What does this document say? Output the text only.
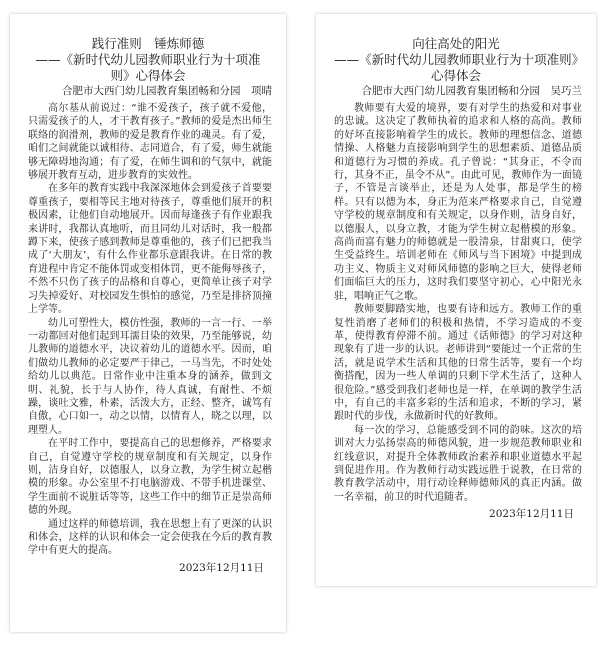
践行准则　锤炼师德
——《新时代幼儿园教师职业行为十项准则》心得体会
合肥市大西门幼儿园教育集团畅和分园　项晴

高尔基从前说过：“谁不爱孩子，孩子就不爱他，只需爱孩子的人，才干教育孩子。”教师的爱是杰出师生联络的润滑剂，教师的爱是教育作业的魂灵。有了爱，咱们之间就能以诚相待、志同道合，有了爱，师生就能够无障碍地沟通；有了爱，在师生调和的气氛中，就能够展开教育互动，进步教育的实效性。

在多年的教育实践中我深深地体会到爱孩子首要要尊重孩子，要相等民主地对待孩子，尊重他们展开的积极因素，让他们自动地展开。因而每逢孩子有作业跟我来讲时，我都认真地听，而且同幼儿对话时，我一般都蹲下来，使孩子感到教师是尊重他的，孩子们已把我当成了‘大朋友’，有什么作业都乐意跟我讲。在日常的教育进程中肯定不能体罚或变相体罚，更不能侮辱孩子，不然不只伤了孩子的品格和自尊心，更简单让孩子对学习失掉爱好、对校园发生惧怕的感觉，乃至是排挤顶撞上学等。

幼儿可塑性大，模仿性强，教师的一言一行、一举一动都回对他们起到耳濡目染的效果，乃至能够说，幼儿教师的道德水平，决议着幼儿的道德水平。因而，咱们做幼儿教师的必定要严于律己，一马当先，不时处处给幼儿以典范。日常作业中注重本身的涵养，做到文明、礼貌，长于与人协作，待人真诚，有耐性、不烦躁，谈吐文雅，朴素，活泼大方，正经、整齐，诚笃有自傲，心口如一，动之以情，以情育人，晓之以理，以理塑人。

在平时工作中，要提高自己的思想修养，严格要求自己，自觉遵守学校的规章制度和有关规定，以身作则，洁身自好，以德服人，以身立教，为学生树立起楷模的形象。办公室里不打电脑游戏、不带手机进课堂、学生面前不说脏话等等，这些工作中的细节正是崇高师德的外现。

通过这样的师德培训，我在思想上有了更深的认识和体会，这样的认识和体会一定会使我在今后的教育教学中有更大的提高。

2023年12月11日
向往高处的阳光
——《新时代幼儿园教师职业行为十项准则》心得体会
合肥市大西门幼儿园教育集团畅和分园　吴巧兰

教师要有大爱的境界，要有对学生的热爱和对事业的忠诚。这决定了教师执着的追求和人格的高尚。教师的好坏直接影响着学生的成长。教师的理想信念、道德情操、人格魅力直接影响到学生的思想素质、道德品质和道德行为习惯的养成。孔子曾说：“其身正，不令而行，其身不正，虽令不从”。由此可见，教师作为一面镜子，不管是言谈举止，还是为人处事，都是学生的榜样。只有以德为本，身正为范来严格要求自己，自觉遵守学校的规章制度和有关规定，以身作则，洁身自好，以德服人，以身立教，才能为学生树立起楷模的形象。高尚而富有魅力的师德就是一股清泉，甘甜爽口，使学生受益终生。培训老师在《师风与当下困境》中提到成功主义、物质主义对师风师德的影响之巨大，使得老师们面临巨大的压力，这时我们要坚守初心，心中阳光永驻，唱响正气之歌。

教师要脚踏实地，也要有诗和远方。教师工作的重复性消磨了老师们的积极和热情，不学习造成的不变革，使得教育停滞不前。通过《话师德》的学习对这种现象有了进一步的认识。老师讲到“要能过一个正常的生活，就是说学术生活和其他的日常生活等，要有一个均衡搭配，因为一些人单调的只剩下学术生活了，这种人很危险。”感受到我们老师也是一样，在单调的教学生活中，有自己的丰富多彩的生活和追求，不断的学习，紧跟时代的步伐，永做新时代的好教师。

每一次的学习，总能感受到不同的韵味。这次的培训对大力弘扬崇高的师德风貌，进一步规范教师职业和红线意识，对提升全体教师政治素养和职业道德水平起到促进作用。作为教师行动实践远胜于说教，在日常的教育教学活动中，用行动诠释师德师风的真正内涵。做一名幸福，前卫的时代追随者。

2023年12月11日
